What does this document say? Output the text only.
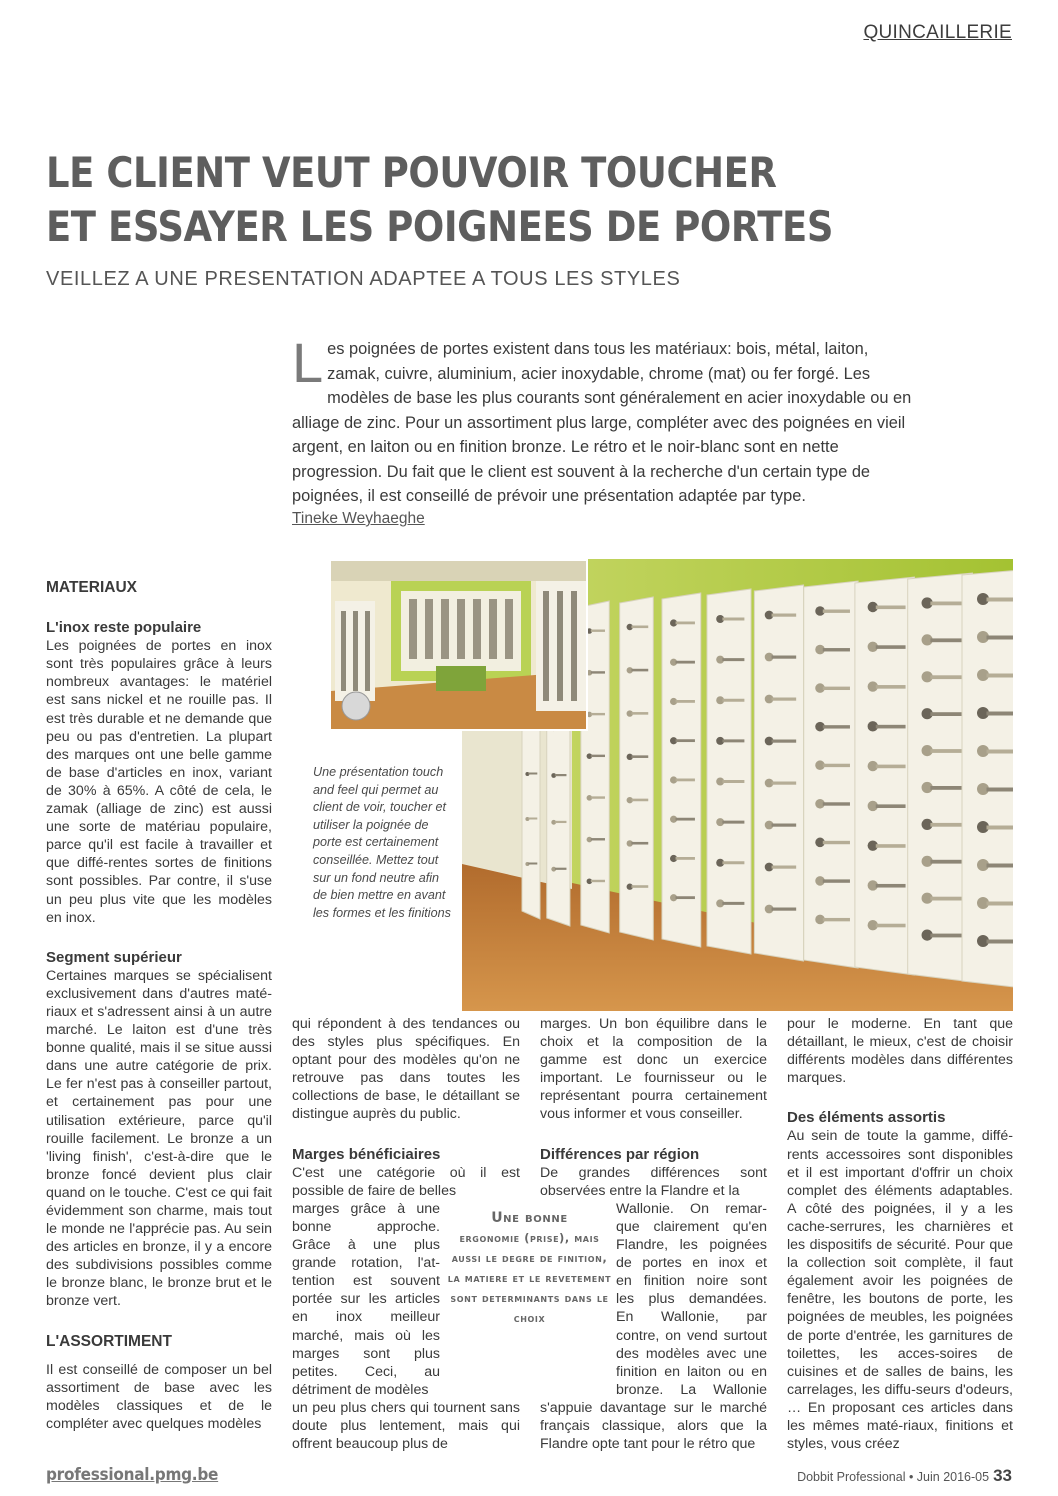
QUINCAILLERIE
LE CLIENT VEUT POUVOIR TOUCHER
ET ESSAYER LES POIGNEES DE PORTES
VEILLEZ A UNE PRESENTATION ADAPTEE A TOUS LES STYLES

Les poignées de portes existent dans tous les matériaux: bois, métal, laiton, zamak, cuivre, aluminium, acier inoxydable, chrome (mat) ou fer forgé. Les modèles de base les plus courants sont généralement en acier inoxydable ou en alliage de zinc. Pour un assortiment plus large, compléter avec des poignées en vieil argent, en laiton ou en finition bronze. Le rétro et le noir-blanc sont en nette progression. Du fait que le client est souvent à la recherche d'un certain type de poignées, il est conseillé de prévoir une présentation adaptée par type.

Tineke Weyhaeghe
Une présentation touch and feel qui permet au client de voir, toucher et utiliser la poignée de porte est certainement conseillée. Mettez tout sur un fond neutre afin de bien mettre en avant les formes et les finitions
MATERIAUX
L'inox reste populaire

Les poignées de portes en inox sont très populaires grâce à leurs nombreux avantages: le matériel est sans nickel et ne rouille pas. Il est très durable et ne demande que peu ou pas d'entretien. La plupart des marques ont une belle gamme de base d'articles en inox, variant de 30% à 65%. A côté de cela, le zamak (alliage de zinc) est aussi une sorte de matériau populaire, parce qu'il est facile à travailler et que diffé-rentes sortes de finitions sont possibles. Par contre, il s'use un peu plus vite que les modèles en inox.

Segment supérieur

Certaines marques se spécialisent exclusivement dans d'autres maté-riaux et s'adressent ainsi à un autre marché. Le laiton est d'une très bonne qualité, mais il se situe aussi dans une autre catégorie de prix. Le fer n'est pas à conseiller partout, et certainement pas pour une utilisation extérieure, parce qu'il rouille facilement. Le bronze a un 'living finish', c'est-à-dire que le bronze foncé devient plus clair quand on le touche. C'est ce qui fait évidemment son charme, mais tout le monde ne l'apprécie pas. Au sein des articles en bronze, il y a encore des subdivisions possibles comme le bronze blanc, le bronze brut et le bronze vert.

L'ASSORTIMENT

Il est conseillé de composer un bel assortiment de base avec les modèles classiques et de le compléter avec quelques modèles

qui répondent à des tendances ou des styles plus spécifiques. En optant pour des modèles qu'on ne retrouve pas dans toutes les collections de base, le détaillant se distingue auprès du public.

Marges bénéficiaires

C'est une catégorie où il est possible de faire de belles

marges grâce à une
bonne approche.
Grâce à une plus
grande rotation, l'at-
tention est souvent
portée sur les articles
en inox meilleur
marché, mais où les
marges sont plus
petites. Ceci, au
détriment de modèles

un peu plus chers qui tournent sans doute plus lentement, mais qui offrent beaucoup plus de

marges. Un bon équilibre dans le choix et la composition de la gamme est donc un exercice important. Le fournisseur ou le représentant pourra certainement vous informer et vous conseiller.

Différences par région

De grandes différences sont observées entre la Flandre et la

Wallonie. On remar-
que clairement qu'en
Flandre, les poignées
de portes en inox et
en finition noire sont
les plus demandées.
En Wallonie, par
contre, on vend surtout
des modèles avec une
finition en laiton ou en
bronze. La Wallonie

s'appuie davantage sur le marché français classique, alors que la Flandre opte tant pour le rétro que

pour le moderne. En tant que détaillant, le mieux, c'est de choisir différents modèles dans différentes marques.

Des éléments assortis

Au sein de toute la gamme, diffé-rents accessoires sont disponibles et il est important d'offrir un choix complet des éléments adaptables. A côté des poignées, il y a les cache-serrures, les charnières et les dispositifs de sécurité. Pour que la collection soit complète, il faut également avoir les poignées de fenêtre, les boutons de porte, les poignées de meubles, les poignées de porte d'entrée, les garnitures de toilettes, les acces-soires de cuisines et de salles de bains, les carrelages, les diffu-seurs d'odeurs, … En proposant ces articles dans les mêmes maté-riaux, finitions et styles, vous créez

Une bonne
ergonomie (prise), mais aussi le degre de finition, la matiere et le revetement sont determinants dans le choix
professional.pmg.be	Dobbit Professional • Juin 2016-05 33
